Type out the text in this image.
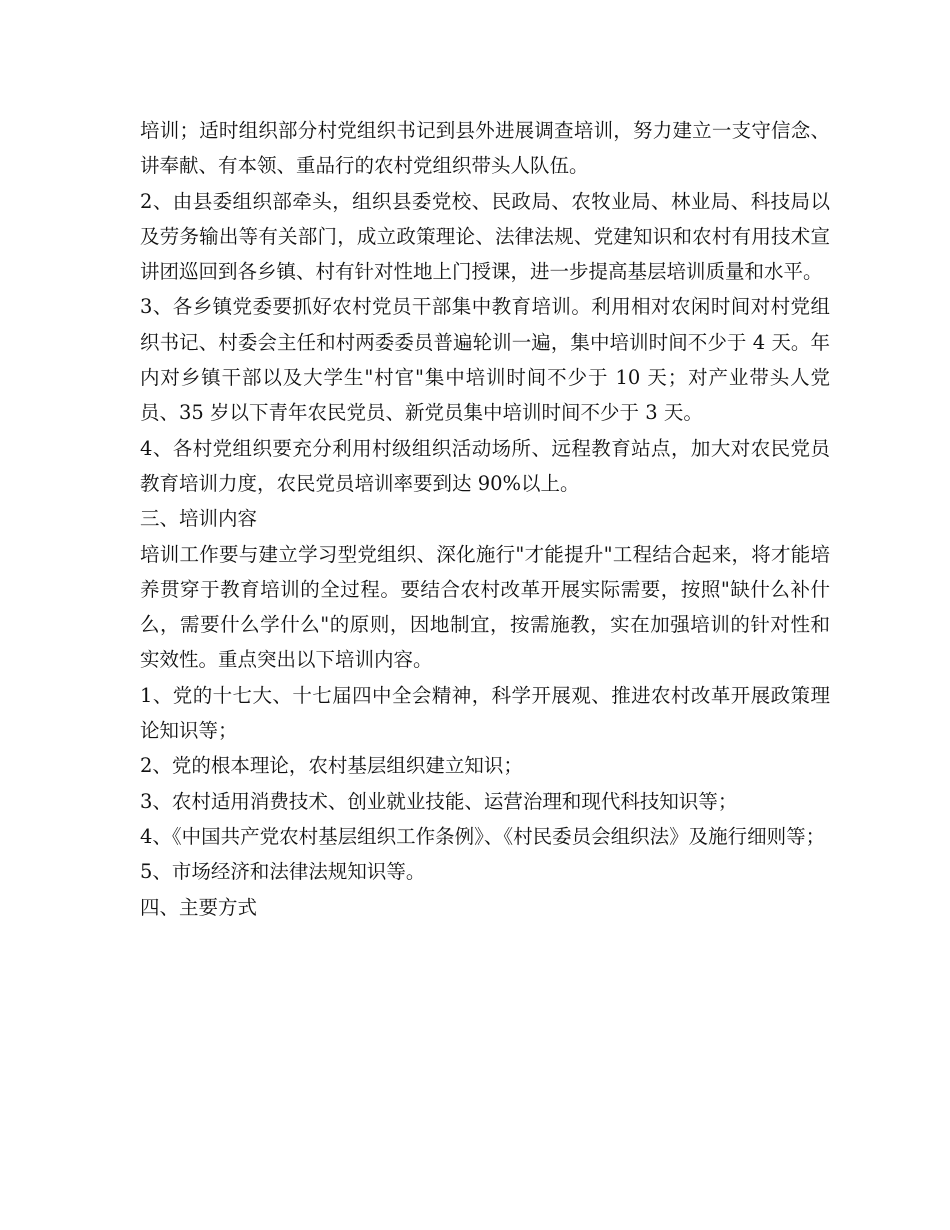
培训；适时组织部分村党组织书记到县外进展调查培训，努力建立一支守信念、讲奉献、有本领、重品行的农村党组织带头人队伍。

2、由县委组织部牵头，组织县委党校、民政局、农牧业局、林业局、科技局以及劳务输出等有关部门，成立政策理论、法律法规、党建知识和农村有用技术宣讲团巡回到各乡镇、村有针对性地上门授课，进一步提高基层培训质量和水平。

3、各乡镇党委要抓好农村党员干部集中教育培训。利用相对农闲时间对村党组织书记、村委会主任和村两委委员普遍轮训一遍，集中培训时间不少于 4 天。年内对乡镇干部以及大学生"村官"集中培训时间不少于 10 天；对产业带头人党员、35 岁以下青年农民党员、新党员集中培训时间不少于 3 天。

4、各村党组织要充分利用村级组织活动场所、远程教育站点，加大对农民党员教育培训力度，农民党员培训率要到达 90%以上。

三、培训内容

培训工作要与建立学习型党组织、深化施行"才能提升"工程结合起来，将才能培养贯穿于教育培训的全过程。要结合农村改革开展实际需要，按照"缺什么补什么，需要什么学什么"的原则，因地制宜，按需施教，实在加强培训的针对性和实效性。重点突出以下培训内容。

1、党的十七大、十七届四中全会精神，科学开展观、推进农村改革开展政策理论知识等；

2、党的根本理论，农村基层组织建立知识；

3、农村适用消费技术、创业就业技能、运营治理和现代科技知识等；

4、《中国共产党农村基层组织工作条例》、《村民委员会组织法》及施行细则等；

5、市场经济和法律法规知识等。

四、主要方式
